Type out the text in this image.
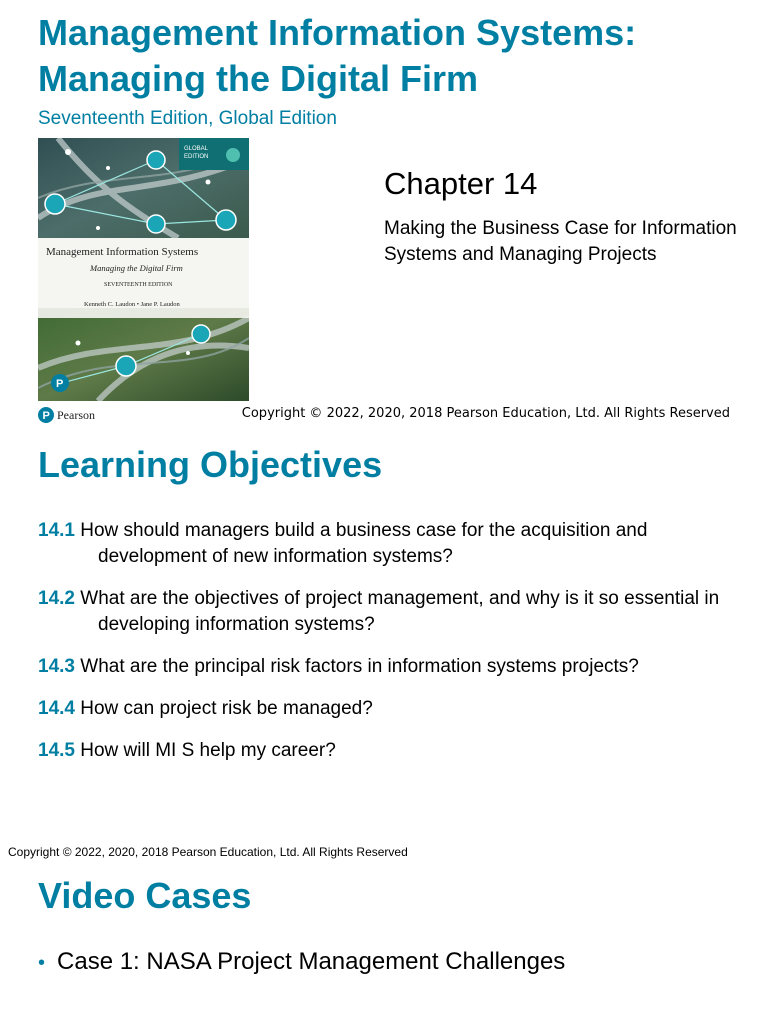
Management Information Systems: Managing the Digital Firm
Seventeenth Edition, Global Edition
GLOBAL
EDITION
Management Information Systems
Managing the Digital Firm
SEVENTEENTH EDITION
Kenneth C. Laudon • Jane P. Laudon
P
Chapter 14
Making the Business Case for Information Systems and Managing Projects
P Pearson	Copyright © 2022, 2020, 2018 Pearson Education, Ltd. All Rights Reserved
Learning Objectives
14.1 How should managers build a business case for the acquisition and development of new information systems?
14.2 What are the objectives of project management, and why is it so essential in developing information systems?
14.3 What are the principal risk factors in information systems projects?
14.4 How can project risk be managed?
14.5 How will MI S help my career?
Copyright © 2022, 2020, 2018 Pearson Education, Ltd. All Rights Reserved
Video Cases
• Case 1: NASA Project Management Challenges
